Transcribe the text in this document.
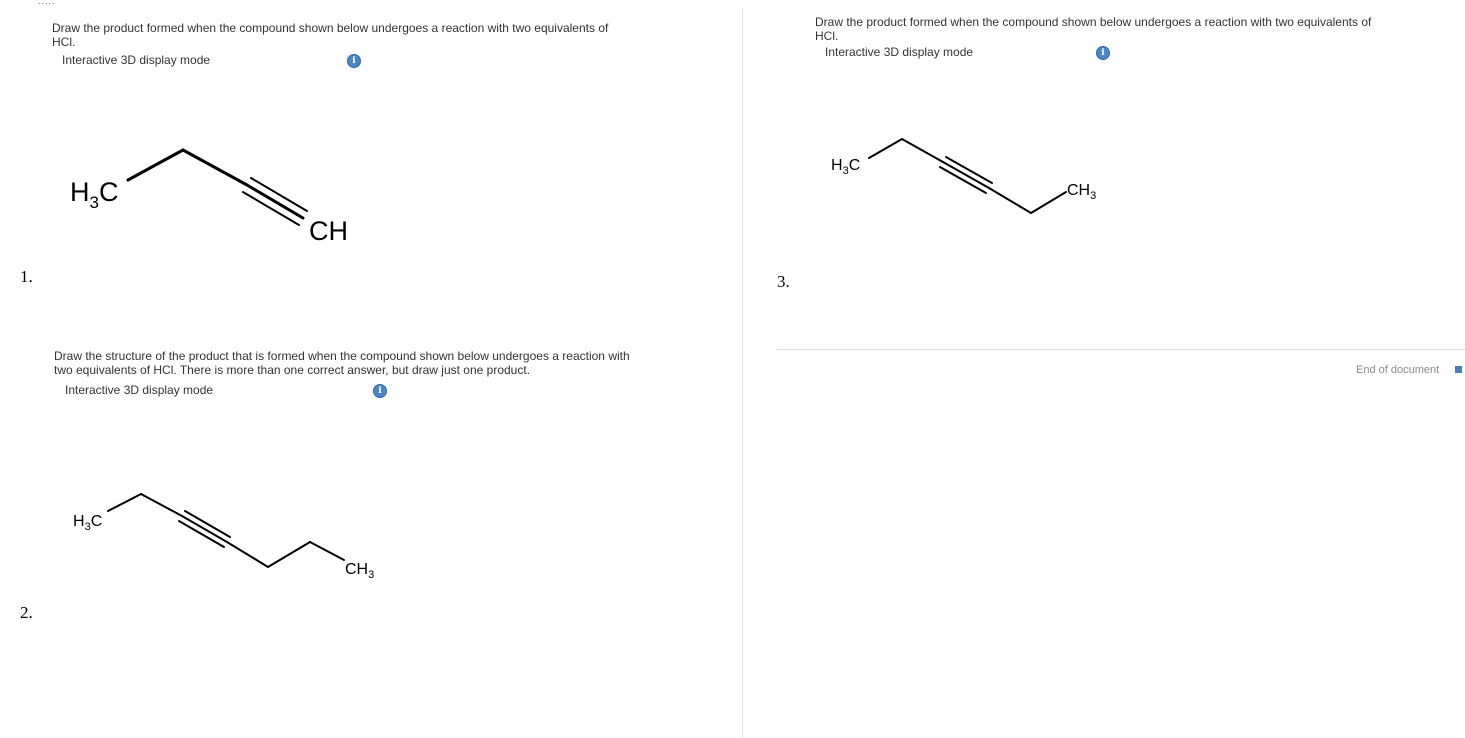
.....
Draw the product formed when the compound shown below undergoes a reaction with two equivalents of
HCl.
Interactive 3D display mode	i
$H_3C$
CH
1.
Draw the structure of the product that is formed when the compound shown below undergoes a reaction with
two equivalents of HCl. There is more than one correct answer, but draw just one product.
Interactive 3D display mode	i
$H_3C$
$CH_3$
2.
Draw the product formed when the compound shown below undergoes a reaction with two equivalents of
HCl.
Interactive 3D display mode	i
$H_3C$
$CH_3$
3.
End of document
